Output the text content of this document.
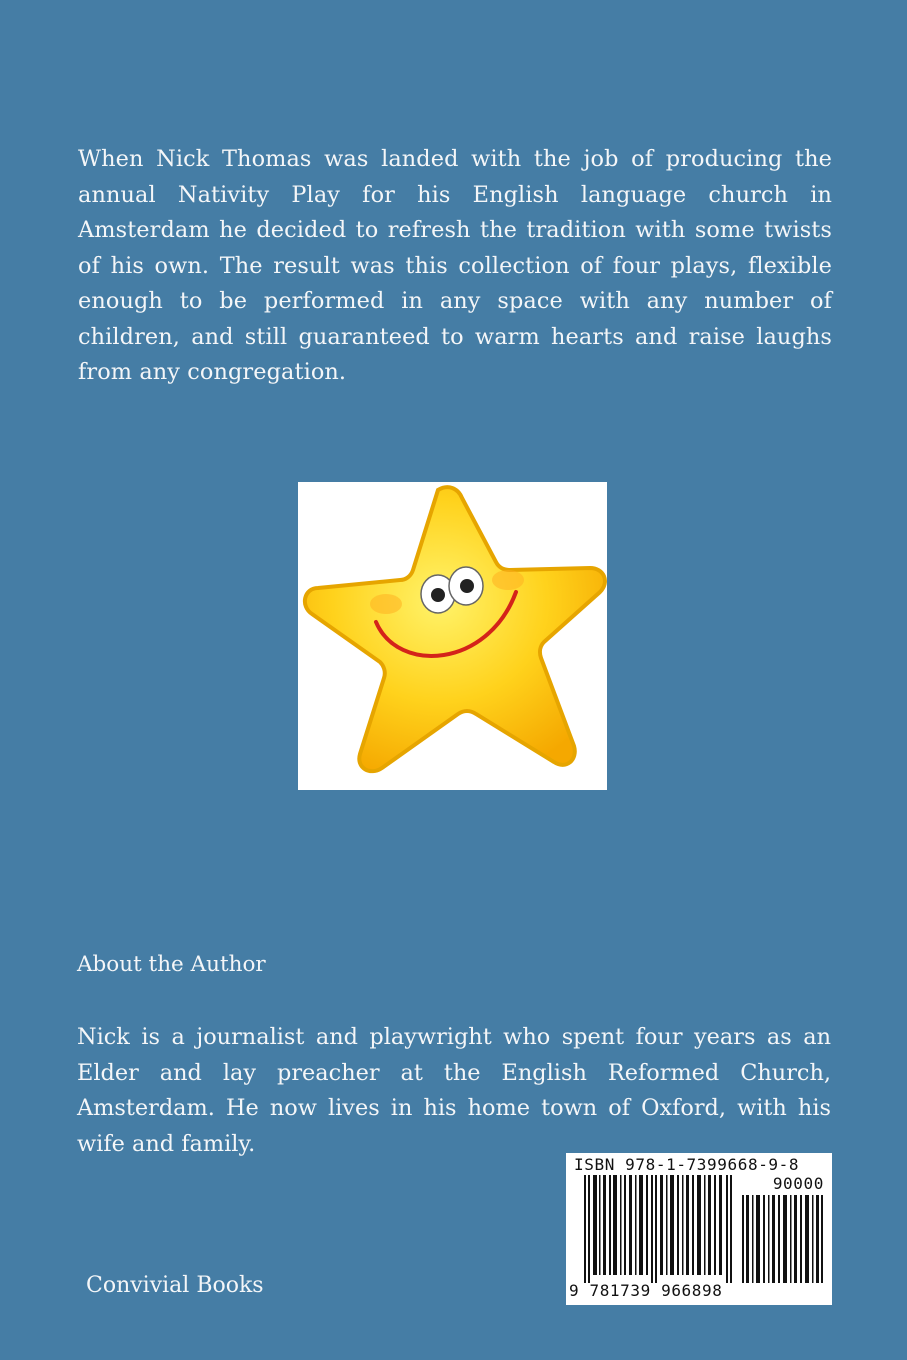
When Nick Thomas was landed with the job of producing the annual Nativity Play for his English language church in Amsterdam he decided to refresh the tradition with some twists of his own. The result was this collection of four plays, flexible enough to be performed in any space with any number of children, and still guaranteed to warm hearts and raise laughs from any congregation.

About the Author

Nick is a journalist and playwright who spent four years as an Elder and lay preacher at the English Reformed Church, Amsterdam. He now lives in his home town of Oxford, with his wife and family.

Convivial Books

ISBN 978-1-7399668-9-8
90000
9 781739 966898
